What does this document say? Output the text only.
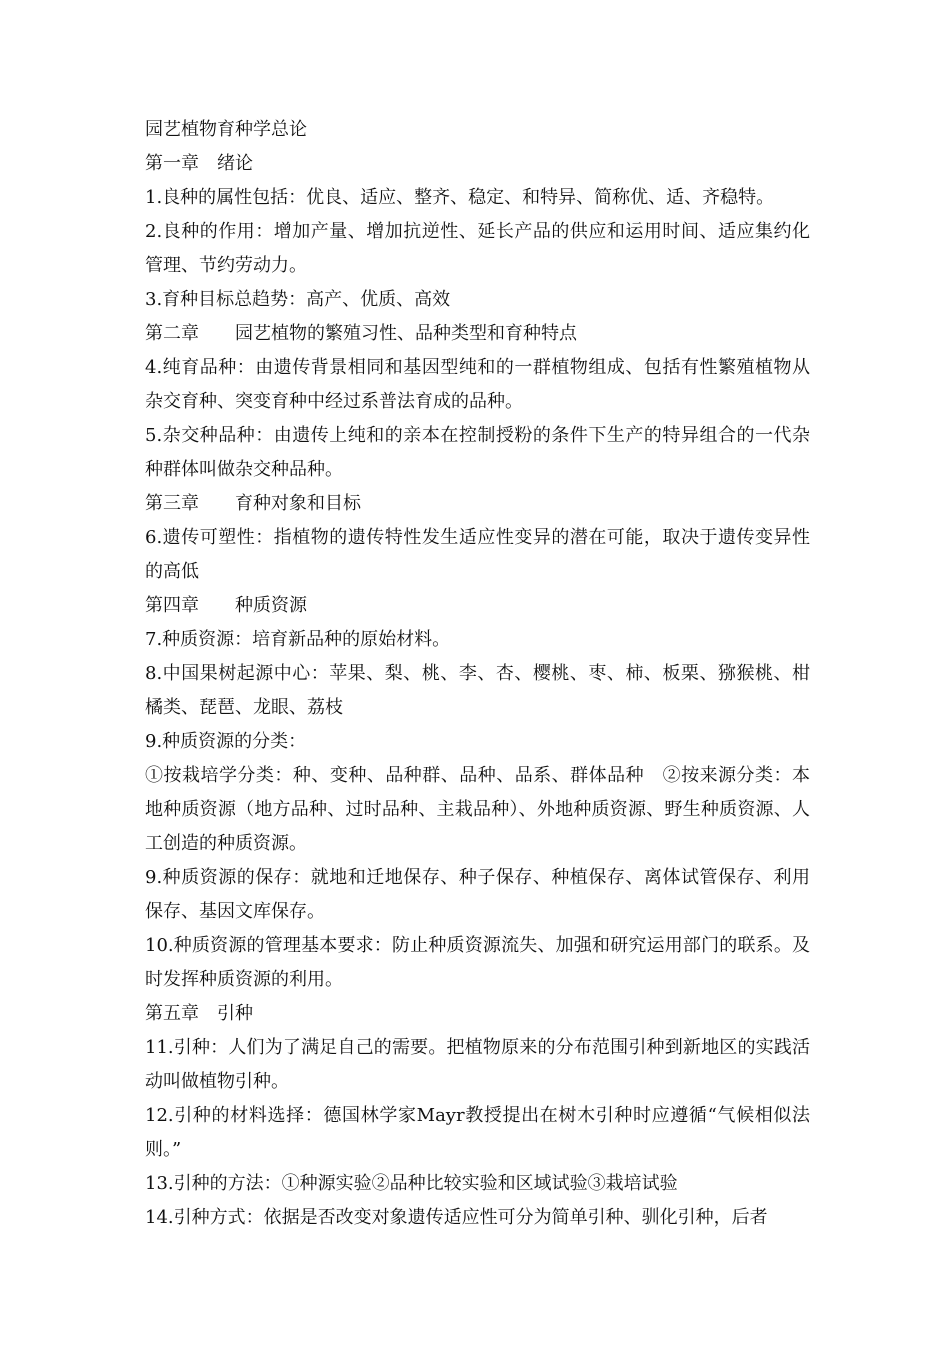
园艺植物育种学总论

第一章　绪论

1.良种的属性包括：优良、适应、整齐、稳定、和特异、简称优、适、齐稳特。

2.良种的作用：增加产量、增加抗逆性、延长产品的供应和运用时间、适应集约化管理、节约劳动力。

3.育种目标总趋势：高产、优质、高效

第二章　　园艺植物的繁殖习性、品种类型和育种特点

4.纯育品种：由遗传背景相同和基因型纯和的一群植物组成、包括有性繁殖植物从杂交育种、突变育种中经过系普法育成的品种。

5.杂交种品种：由遗传上纯和的亲本在控制授粉的条件下生产的特异组合的一代杂种群体叫做杂交种品种。

第三章　　育种对象和目标

6.遗传可塑性：指植物的遗传特性发生适应性变异的潜在可能，取决于遗传变异性的高低

第四章　　种质资源

7.种质资源：培育新品种的原始材料。

8.中国果树起源中心：苹果、梨、桃、李、杏、樱桃、枣、柿、板栗、猕猴桃、柑橘类、琵琶、龙眼、荔枝

9.种质资源的分类：

①按栽培学分类：种、变种、品种群、品种、品系、群体品种　②按来源分类：本地种质资源（地方品种、过时品种、主栽品种）、外地种质资源、野生种质资源、人工创造的种质资源。

9.种质资源的保存：就地和迁地保存、种子保存、种植保存、离体试管保存、利用保存、基因文库保存。

10.种质资源的管理基本要求：防止种质资源流失、加强和研究运用部门的联系。及时发挥种质资源的利用。

第五章　引种

11.引种：人们为了满足自己的需要。把植物原来的分布范围引种到新地区的实践活动叫做植物引种。

12.引种的材料选择：德国林学家Mayr教授提出在树木引种时应遵循“气候相似法则。”

13.引种的方法：①种源实验②品种比较实验和区域试验③栽培试验

14.引种方式：依据是否改变对象遗传适应性可分为简单引种、驯化引种，后者
